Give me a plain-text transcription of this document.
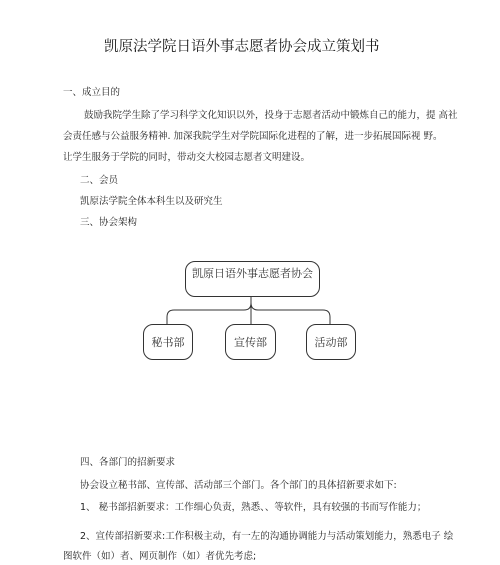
凯原法学院日语外事志愿者协会成立策划书
一、成立目的
鼓励我院学生除了学习科学文化知识以外，投身于志愿者活动中锻炼自己的能力，提 高社
会责任感与公益服务精神. 加深我院学生对学院国际化进程的了解，进一步拓展国际视 野。
让学生服务于学院的同时，带动交大校园志愿者文明建设。
二、会员
凯原法学院全体本科生以及研究生
三、协会架构
凯原日语外事志愿者协会
秘书部	宣传部	活动部
四、各部门的招新要求
协会设立秘书部、宣传部、活动部三个部门。各个部门的具体招新要求如下:
1、 秘书部招新要求：工作细心负责，熟悉、、等软件，具有较强的书而写作能力；
2、宣传部招新要求:工作积极主动，有一左的沟通协调能力与活动策划能力，熟悉电子 绘
图软件（如）者、网页制作（如）者优先考虑;
